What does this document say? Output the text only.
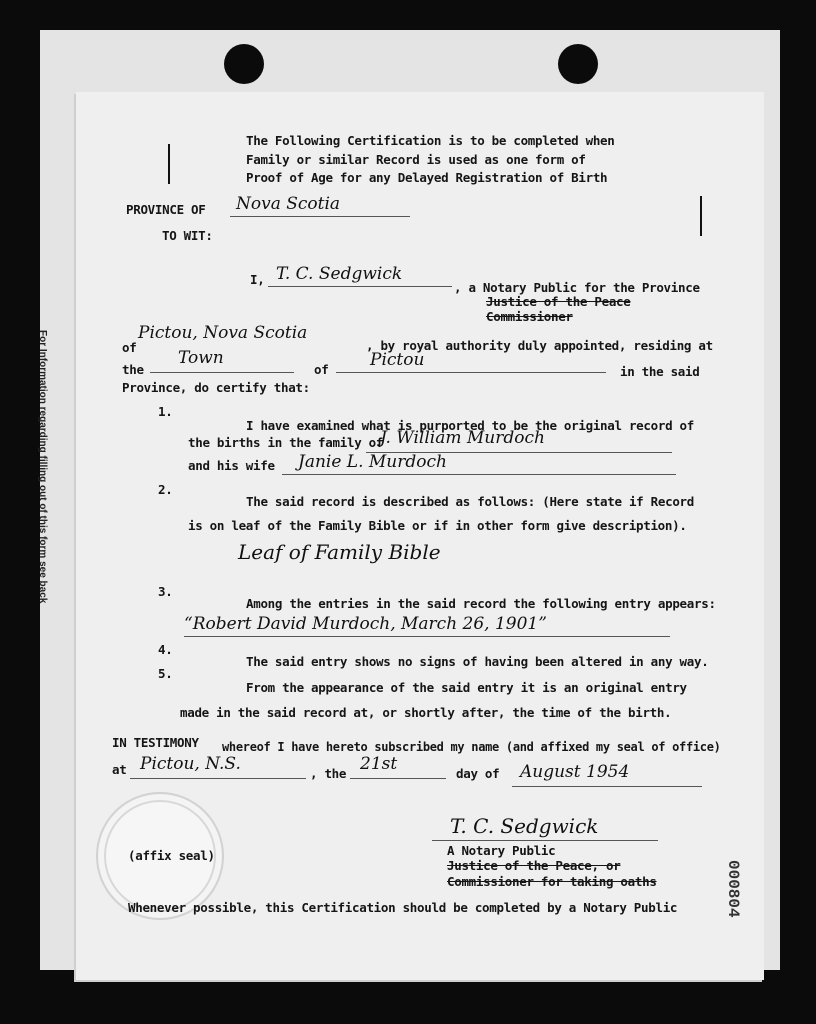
For Information regarding filling out of this form see back
000804
The Following Certification is to be completed when
Family or similar Record is used as one form of
Proof of Age for any Delayed Registration of Birth
PROVINCE OF Nova Scotia
TO WIT:
I, T. C. Sedgwick
, a Notary Public for the Province
Justice of the Peace
Commissioner
of
Pictou, Nova Scotia
, by royal authority duly appointed, residing at
the
Town
of Pictou
in the said
Province, do certify that:
1.
I have examined what is purported to be the original record of
the births in the family of
J. William Murdoch
and his wife Janie L. Murdoch
2.
The said record is described as follows: (Here state if Record
is on leaf of the Family Bible or if in other form give description).
Leaf of Family Bible
3.
Among the entries in the said record the following entry appears:
“Robert David Murdoch, March 26, 1901”
4.
The said entry shows no signs of having been altered in any way.
5.
From the appearance of the said entry it is an original entry
made in the said record at, or shortly after, the time of the birth.
IN TESTIMONY whereof I have hereto subscribed my name (and affixed my seal of office)
at Pictou, N.S.	, the 21st	day of August 1954
(affix seal)
T. C. Sedgwick
A Notary Public
Justice of the Peace, or
Commissioner for taking oaths
Whenever possible, this Certification should be completed by a Notary Public
